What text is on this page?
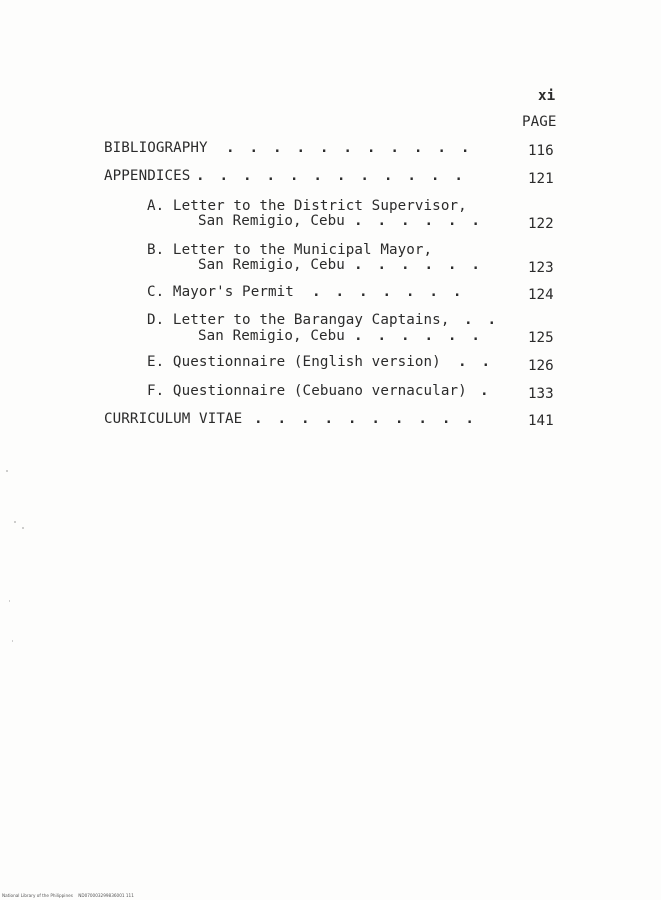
xi
PAGE
BIBLIOGRAPHY . . . . . . . . . . .	116
APPENDICES . . . . . . . . . . . .	121
A. Letter to the District Supervisor,
San Remigio, Cebu . . . . . .	122
B. Letter to the Municipal Mayor,
San Remigio, Cebu . . . . . .	123
C. Mayor's Permit . . . . . . .	124
D. Letter to the Barangay Captains, . .
San Remigio, Cebu . . . . . .	125
E. Questionnaire (English version) . . 126
F. Questionnaire (Cebuano vernacular) .	133
CURRICULUM VITAE . . . . . . . . . .	141
National Library of the Philippines    ND070003299836001 111
